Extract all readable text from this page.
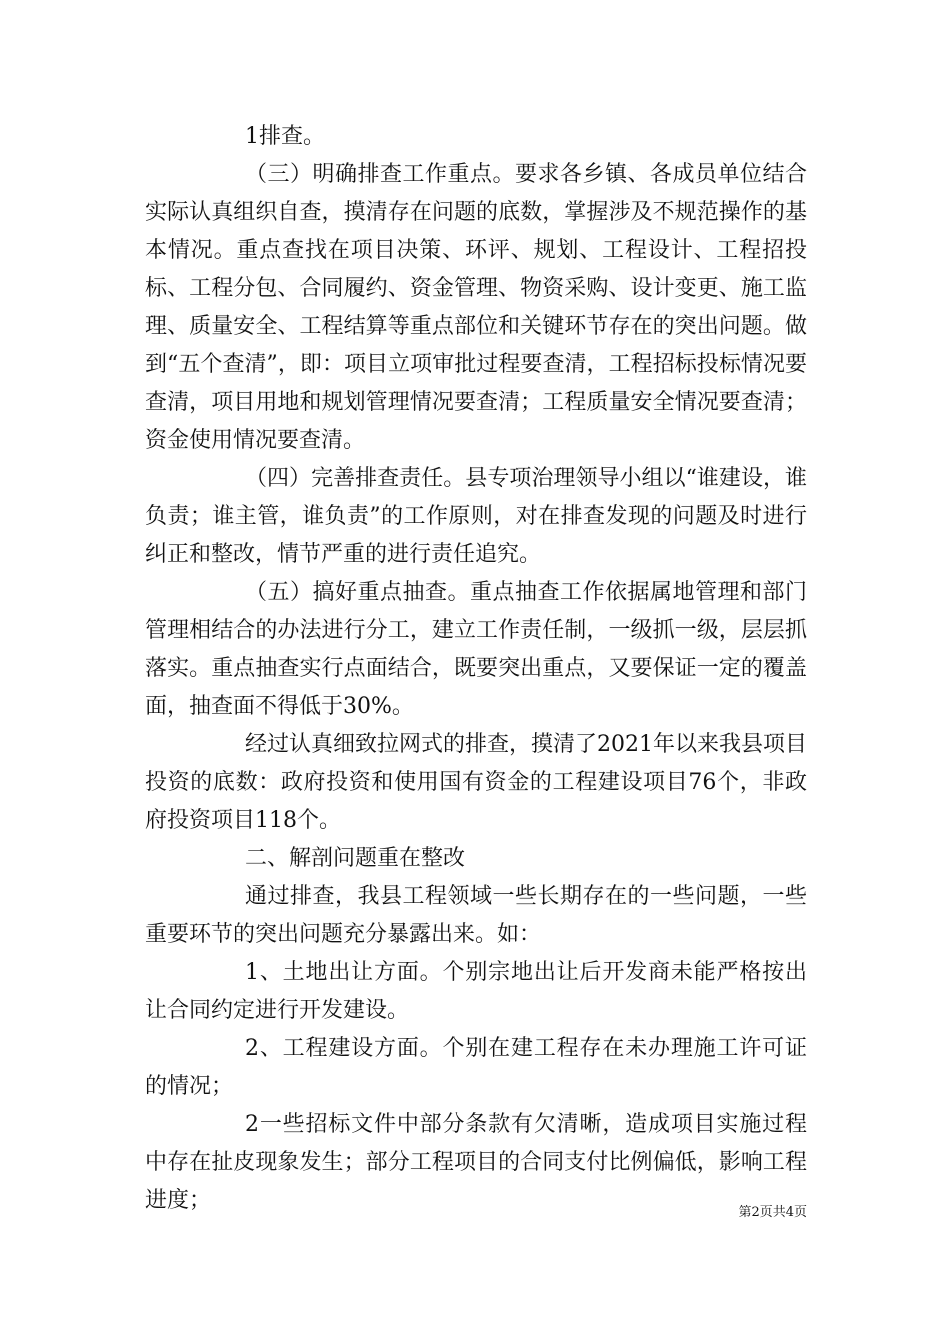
1排查。

（三）明确排查工作重点。要求各乡镇、各成员单位结合实际认真组织自查，摸清存在问题的底数，掌握涉及不规范操作的基本情况。重点查找在项目决策、环评、规划、工程设计、工程招投标、工程分包、合同履约、资金管理、物资采购、设计变更、施工监理、质量安全、工程结算等重点部位和关键环节存在的突出问题。做到“五个查清”，即：项目立项审批过程要查清，工程招标投标情况要查清，项目用地和规划管理情况要查清；工程质量安全情况要查清；资金使用情况要查清。

（四）完善排查责任。县专项治理领导小组以“谁建设，谁负责；谁主管，谁负责”的工作原则，对在排查发现的问题及时进行纠正和整改，情节严重的进行责任追究。

（五）搞好重点抽查。重点抽查工作依据属地管理和部门管理相结合的办法进行分工，建立工作责任制，一级抓一级，层层抓落实。重点抽查实行点面结合，既要突出重点，又要保证一定的覆盖面，抽查面不得低于30%。

经过认真细致拉网式的排查，摸清了2021年以来我县项目投资的底数：政府投资和使用国有资金的工程建设项目76个，非政府投资项目118个。

二、解剖问题重在整改

通过排查，我县工程领域一些长期存在的一些问题，一些重要环节的突出问题充分暴露出来。如：

1、土地出让方面。个别宗地出让后开发商未能严格按出让合同约定进行开发建设。

2、工程建设方面。个别在建工程存在未办理施工许可证的情况；

2一些招标文件中部分条款有欠清晰，造成项目实施过程中存在扯皮现象发生；部分工程项目的合同支付比例偏低，影响工程进度；	第2页共4页
